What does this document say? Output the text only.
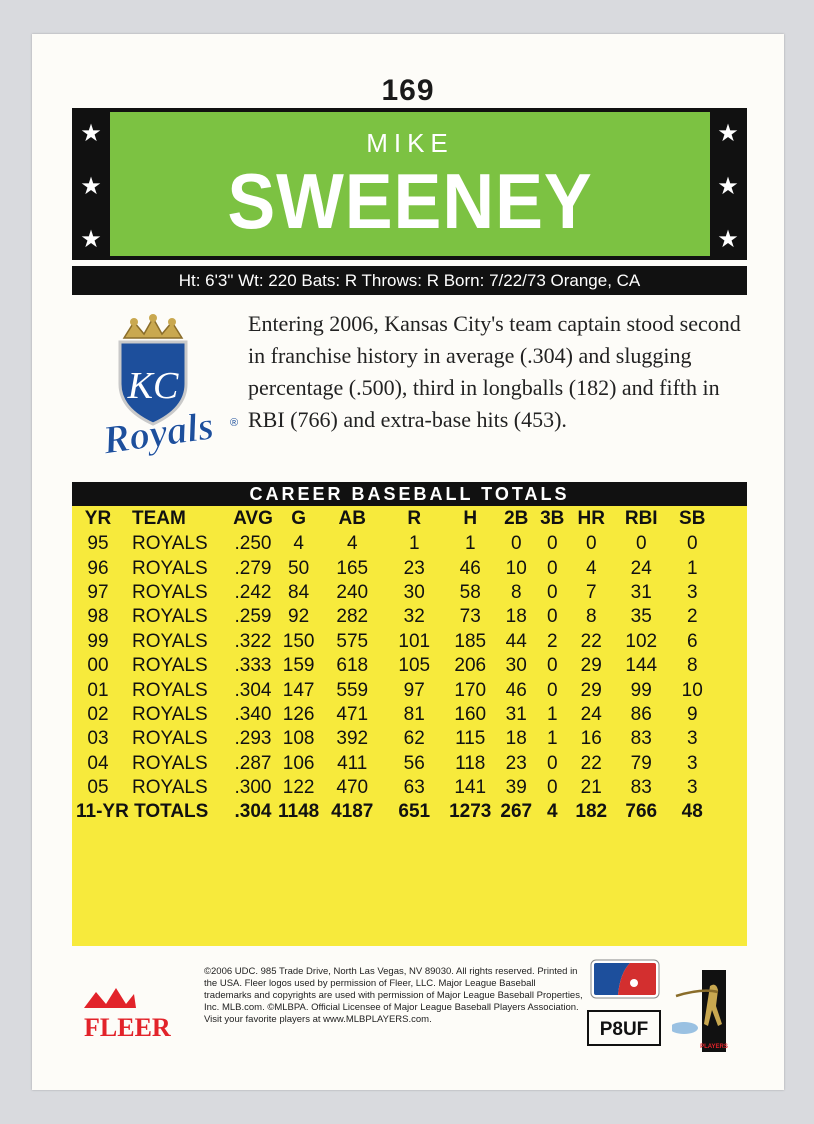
169
★
★
★
MIKE
SWEENEY
★
★
★
Ht: 6'3" Wt: 220 Bats: R Throws: R Born: 7/22/73 Orange, CA
KC
Royals ®
Entering 2006, Kansas City's team captain stood second in franchise history in average (.304) and slugging percentage (.500), third in longballs (182) and fifth in RBI (766) and extra-base hits (453).
CAREER BASEBALL TOTALS
YR	TEAM	AVG	G	AB	R	H	2B	3B	HR	RBI	SB
95	ROYALS	.250	4	4	1	1	0	0	0	0	0
96	ROYALS	.279	50	165	23	46	10	0	4	24	1
97	ROYALS	.242	84	240	30	58	8	0	7	31	3
98	ROYALS	.259	92	282	32	73	18	0	8	35	2
99	ROYALS	.322	150	575	101	185	44	2	22	102	6
00	ROYALS	.333	159	618	105	206	30	0	29	144	8
01	ROYALS	.304	147	559	97	170	46	0	29	99	10
02	ROYALS	.340	126	471	81	160	31	1	24	86	9
03	ROYALS	.293	108	392	62	115	18	1	16	83	3
04	ROYALS	.287	106	411	56	118	23	0	22	79	3
05	ROYALS	.300	122	470	63	141	39	0	21	83	3
11-YR TOTALS		.304	1148	4187	651	1273	267	4	182	766	48
FLEER
©2006 UDC. 985 Trade Drive, North Las Vegas, NV 89030. All rights reserved. Printed in the USA. Fleer logos used by permission of Fleer, LLC. Major League Baseball trademarks and copyrights are used with permission of Major League Baseball Properties, Inc. MLB.com. ©MLBPA. Official Licensee of Major League Baseball Players Association. Visit your favorite players at www.MLBPLAYERS.com.	P8UF
PLAYERS
